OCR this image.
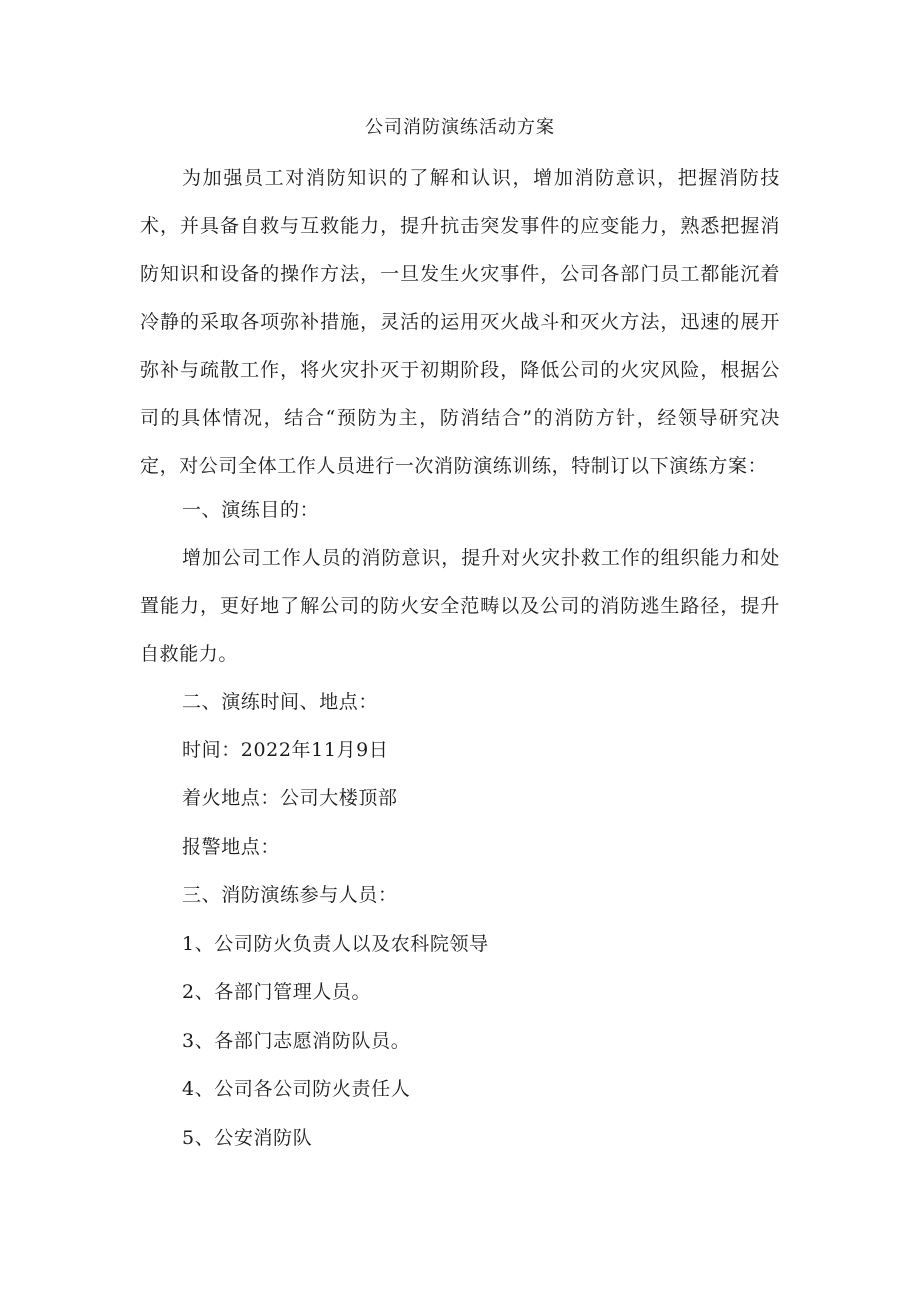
公司消防演练活动方案

为加强员工对消防知识的了解和认识，增加消防意识，把握消防技术，并具备自救与互救能力，提升抗击突发事件的应变能力，熟悉把握消防知识和设备的操作方法，一旦发生火灾事件，公司各部门员工都能沉着冷静的采取各项弥补措施，灵活的运用灭火战斗和灭火方法，迅速的展开弥补与疏散工作，将火灾扑灭于初期阶段，降低公司的火灾风险，根据公司的具体情况，结合“预防为主，防消结合”的消防方针，经领导研究决定，对公司全体工作人员进行一次消防演练训练，特制订以下演练方案：

一、演练目的：

增加公司工作人员的消防意识，提升对火灾扑救工作的组织能力和处置能力，更好地了解公司的防火安全范畴以及公司的消防逃生路径，提升自救能力。

二、演练时间、地点：
时间：2022年11月9日
着火地点：公司大楼顶部
报警地点：
三、消防演练参与人员：
1、公司防火负责人以及农科院领导
2、各部门管理人员。
3、各部门志愿消防队员。
4、公司各公司防火责任人
5、公安消防队
